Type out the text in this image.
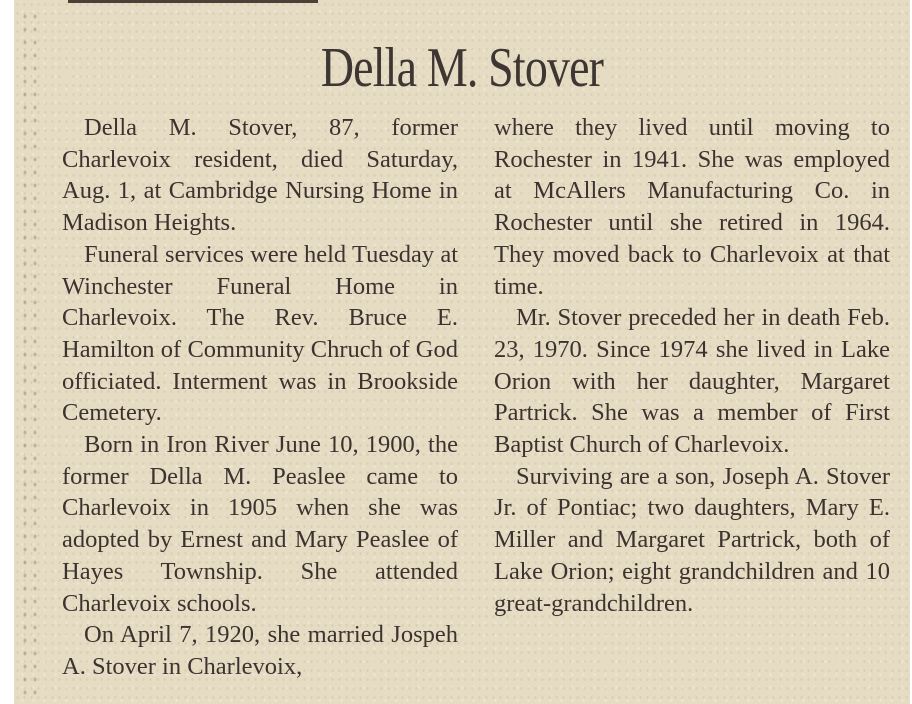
Della M. Stover

Della M. Stover, 87, former Charlevoix resident, died Saturday, Aug. 1, at Cambridge Nursing Home in Madison Heights.

Funeral services were held Tuesday at Winchester Funeral Home in Charlevoix. The Rev. Bruce E. Hamilton of Community Chruch of God officiated. Interment was in Brookside Cemetery.

Born in Iron River June 10, 1900, the former Della M. Peaslee came to Charlevoix in 1905 when she was adopted by Ernest and Mary Peaslee of Hayes Township. She attended Charlevoix schools.

On April 7, 1920, she married Jospeh A. Stover in Charlevoix,

where they lived until moving to Rochester in 1941. She was employed at McAllers Manufacturing Co. in Rochester until she retired in 1964. They moved back to Charlevoix at that time.

Mr. Stover preceded her in death Feb. 23, 1970. Since 1974 she lived in Lake Orion with her daughter, Margaret Partrick. She was a member of First Baptist Church of Charlevoix.

Surviving are a son, Joseph A. Stover Jr. of Pontiac; two daughters, Mary E. Miller and Margaret Partrick, both of Lake Orion; eight grandchildren and 10 great-grandchildren.
